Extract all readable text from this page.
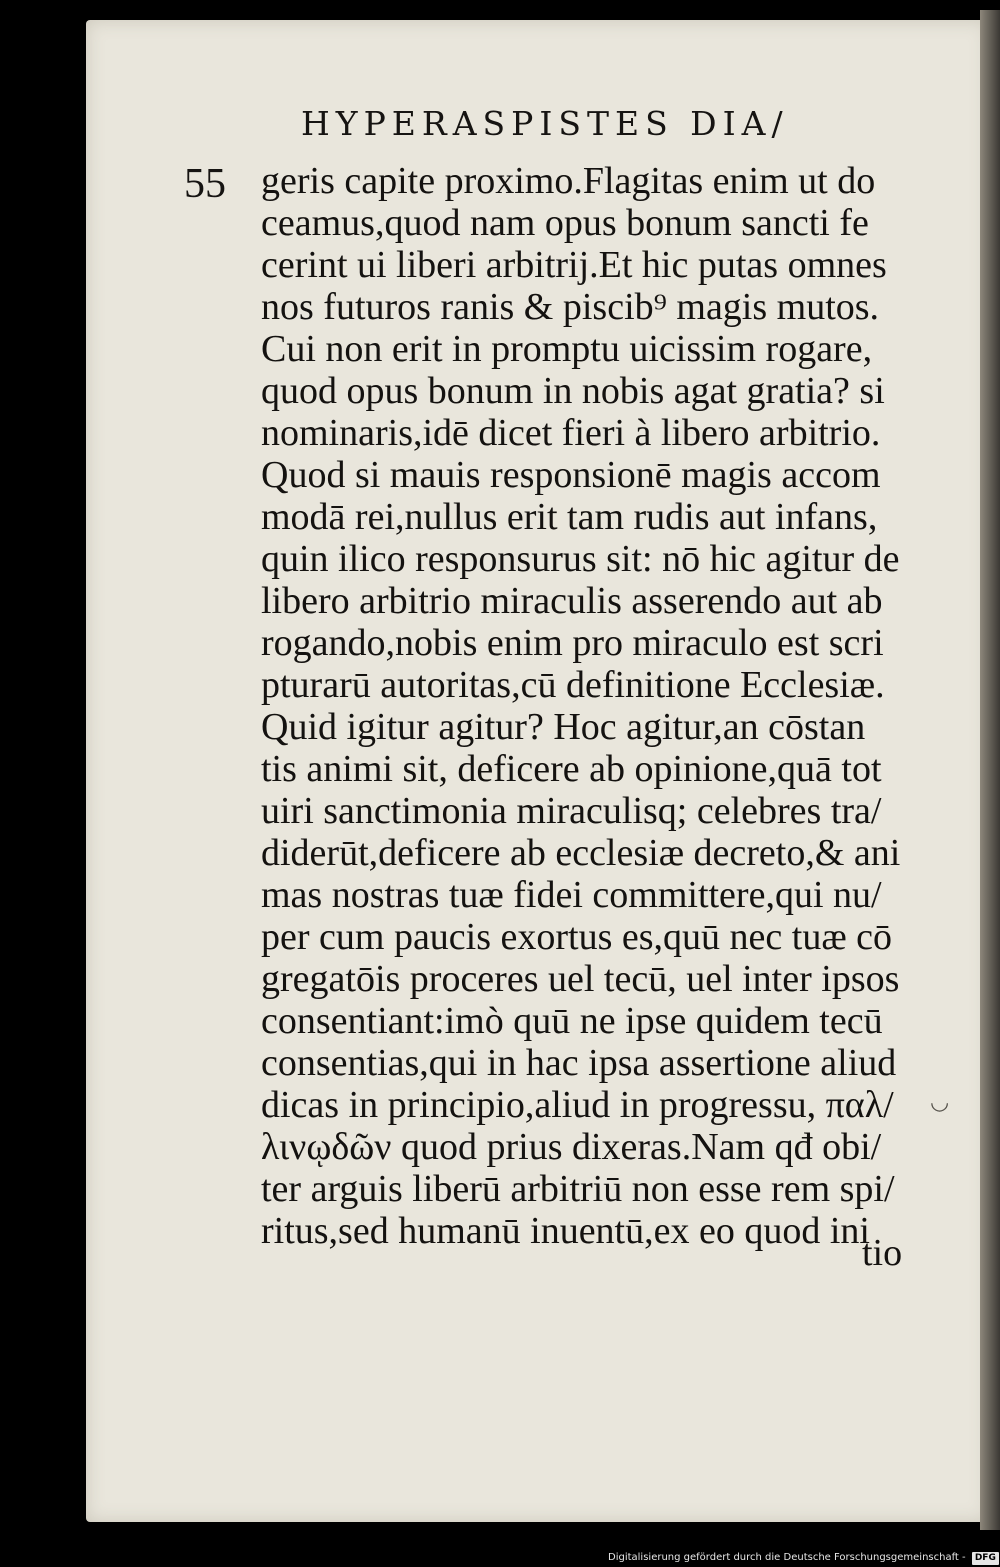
HYPERASPISTES DIA/
55 geris capite proximo.Flagitas enim ut do
ceamus,quod nam opus bonum sancti fe
cerint ui liberi arbitrij.Et hic putas omnes
nos futuros ranis & piscib⁹ magis mutos.
Cui non erit in promptu uicissim rogare,
quod opus bonum in nobis agat gratia? si
nominaris,idē dicet fieri à libero arbitrio.
Quod si mauis responsionē magis accom
modā rei,nullus erit tam rudis aut infans,
quin ilico responsurus sit: nō hic agitur de
libero arbitrio miraculis asserendo aut ab
rogando,nobis enim pro miraculo est scri
pturarū autoritas,cū definitione Ecclesiæ.
Quid igitur agitur? Hoc agitur,an cōstan
tis animi sit, deficere ab opinione,quā tot
uiri sanctimonia miraculisq; celebres tra/
diderūt,deficere ab ecclesiæ decreto,& ani
mas nostras tuæ fidei committere,qui nu/
per cum paucis exortus es,quū nec tuæ cō
gregatōis proceres uel tecū, uel inter ipsos
consentiant:imò quū ne ipse quidem tecū
consentias,qui in hac ipsa assertione aliud
dicas in principio,aliud in progressu, παλ/
λινῳδῶν quod prius dixeras.Nam qđ obi/
ter arguis liberū arbitriū non esse rem spi/
ritus,sed humanū inuentū,ex eo quod ini
tio
◡
Digitalisierung gefördert durch die Deutsche Forschungsgemeinschaft - DFG
